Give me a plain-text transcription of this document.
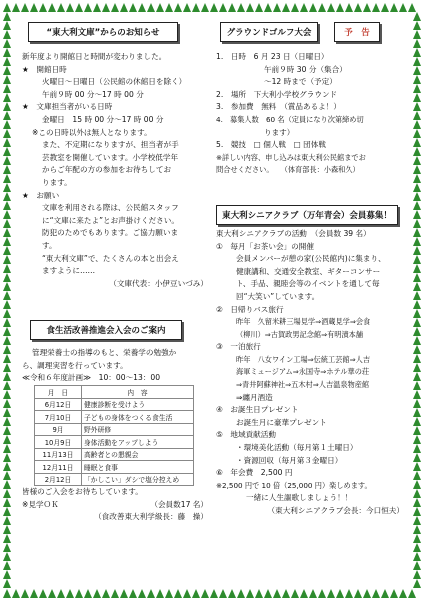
“東大利文庫”からのお知らせ
新年度より開館日と時間が変わりました。
★　開館日時
火曜日～日曜日（公民館の休館日を除く）
午前９時 00 分～17 時 00 分
★　文庫担当者がいる日時
金曜日　15 時 00 分～17 時 00 分
※この日時以外は無人となります。
また、不定期になりますが、担当者が手
芸教室を開催しています。小学校低学年
からご年配の方の参加をお待ちしてお
ります。
★　お願い
文庫を利用される際は、公民館スタッフ
に“文庫に来たよ”とお声掛けください。
防犯のためでもあります。ご協力願いま
す。
“東大利文庫”で、たくさんの本と出会え
ますように……
（文庫代表：小伊豆いづみ）
食生活改善推進会入会のご案内
管理栄養士の指導のもと、栄養学の勉強か
ら、調理実習を行っています。
≪令和６年度計画≫　10：00～13：00
月　日	内　容
6月12日	健康診断を受けよう
7月10日	子どもの身体をつくる食生活
9月	野外研修
10月9日	身体活動をアップしよう
11月13日	高齢者との懇親会
12月11日	睡眠と食事
2月12日	「かしこい」ダシで塩分控えめ
皆様のご入会をお待ちしています。
※見学ＯＫ	（会員数17 名）
（食改善東大利学級長：藤　操）
グラウンドゴルフ大会	予　告
1.　日時　6 月 23 日（日曜日）
午前９時 30 分（集合）
～12 時まで（予定）
2.　場所　下大利小学校グラウンド
3.　参加費　無料　（賞品あるよ！）
4.　募集人数　60 名（定員になり次第締め切
ります）
5.　競技　□ 個人戦　□ 団体戦
※詳しい内容、申し込みは東大利公民館までお
問合せください。　　（体育部長：小森和久）
東大利シニアクラブ（万年青会）会員募集！
東大利シニアクラブの活動　（会員数 39 名）
①　毎月「お茶い会」の開催
会員メンバーが憩の家(公民館内)に集まり、
健康講和、交通安全教室、ギターコンサー
ト、手品、親睦会等のイベントを通して毎
回“大笑い”しています。
②　日帰りバス旅行
昨年　久留米耕三場見学⇒酒蔵見学⇒会食
（柳川）⇒古賀政男記念館⇒有明漬本舗
③　一泊旅行
昨年　八女ワイン工場⇒伝統工芸館⇒人吉
海軍ミュージアム⇒永国寺⇒ホテル華の荘
⇒青井阿蘇神社⇒五木村⇒人吉温泉物産館
⇒纏月酒造
④　お誕生日プレゼント
お誕生月に豪華プレゼント
⑤　地域貢献活動
・環境美化活動（毎月第１土曜日）
・資源回収（毎月第３金曜日）
⑥　年会費　2,500 円
※2,500 円で 10 倍（25,000 円）楽しめます。
一緒に人生謳歌しましょう！！
（東大利シニアクラブ会長：今口恒夫）
